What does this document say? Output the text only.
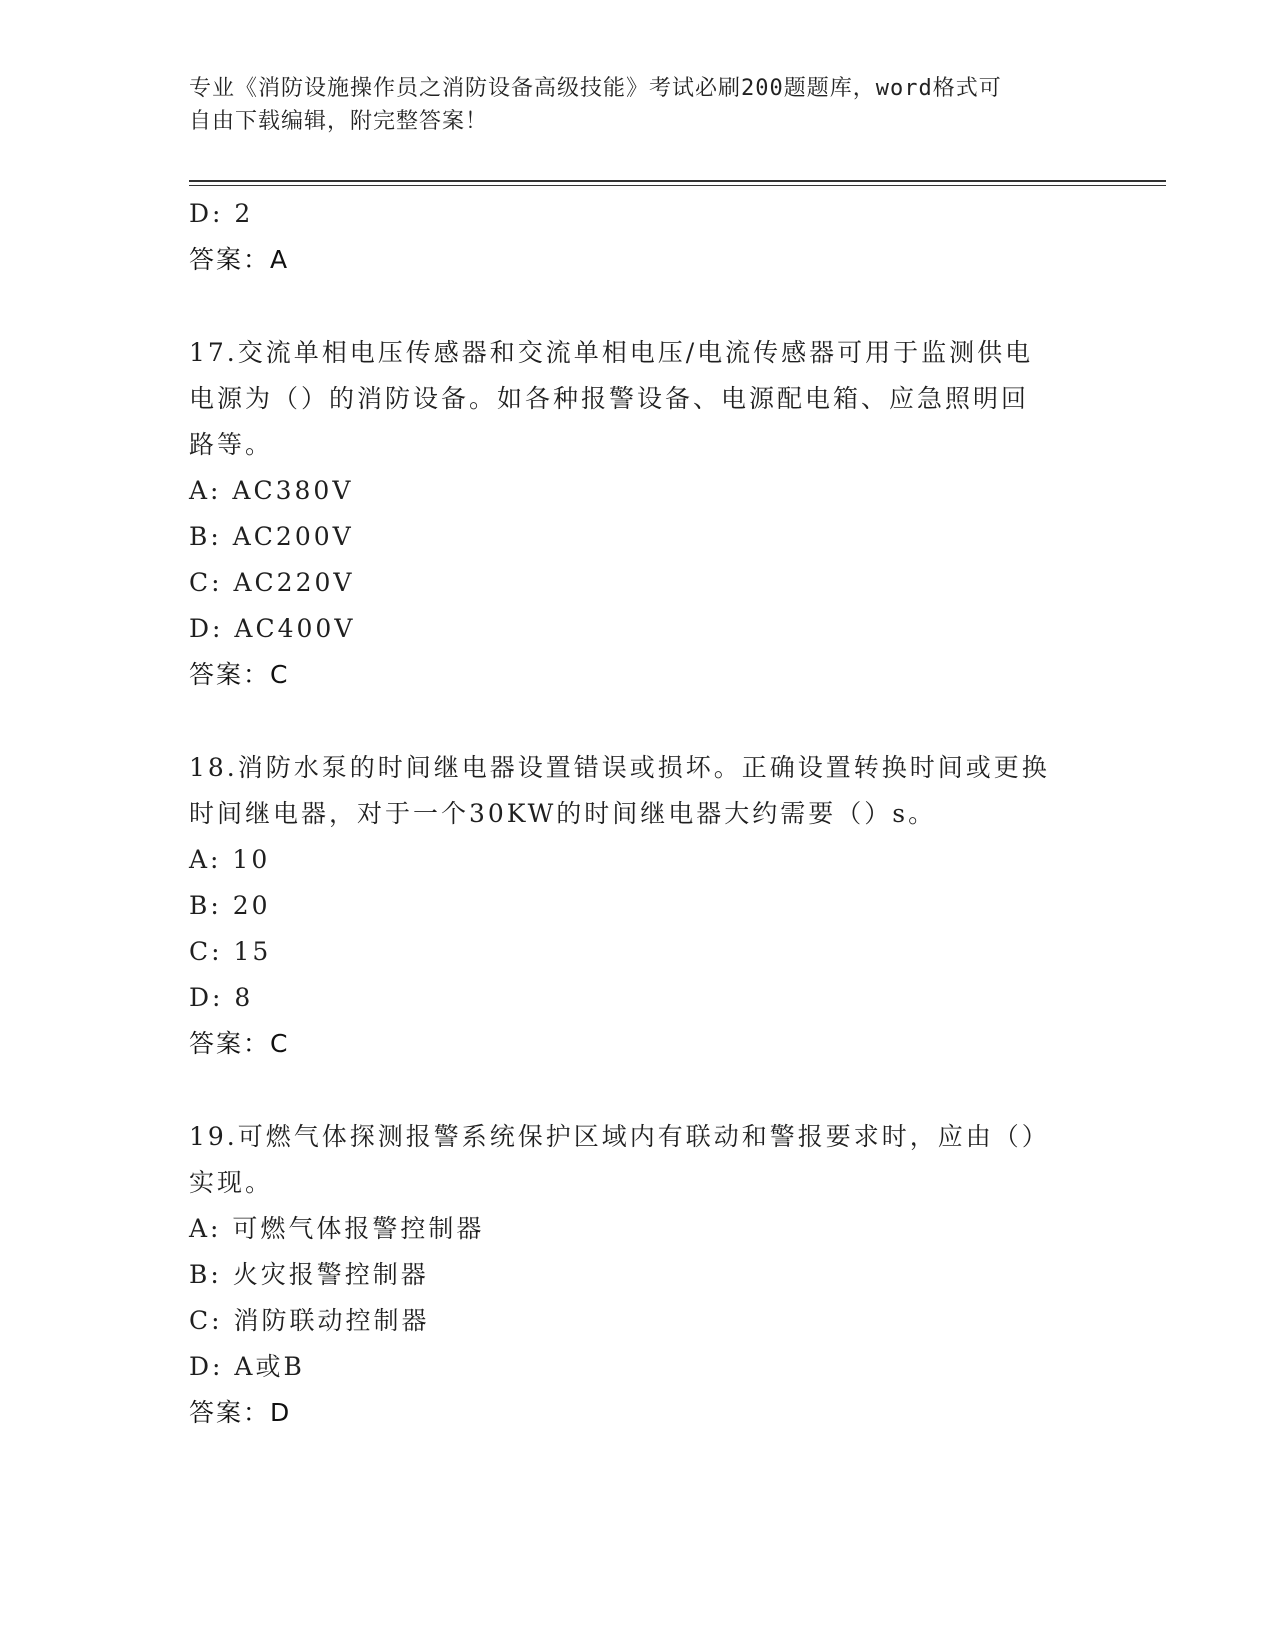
专业《消防设施操作员之消防设备高级技能》考试必刷200题题库，word格式可
自由下载编辑，附完整答案！
D: 2
答案：A
17.交流单相电压传感器和交流单相电压/电流传感器可用于监测供电
电源为（）的消防设备。如各种报警设备、电源配电箱、应急照明回
路等。
A: AC380V
B: AC200V
C: AC220V
D: AC400V
答案：C
18.消防水泵的时间继电器设置错误或损坏。正确设置转换时间或更换
时间继电器，对于一个30KW的时间继电器大约需要（）s。
A: 10
B: 20
C: 15
D: 8
答案：C
19.可燃气体探测报警系统保护区域内有联动和警报要求时，应由（）
实现。
A: 可燃气体报警控制器
B: 火灾报警控制器
C: 消防联动控制器
D: A或B
答案：D
